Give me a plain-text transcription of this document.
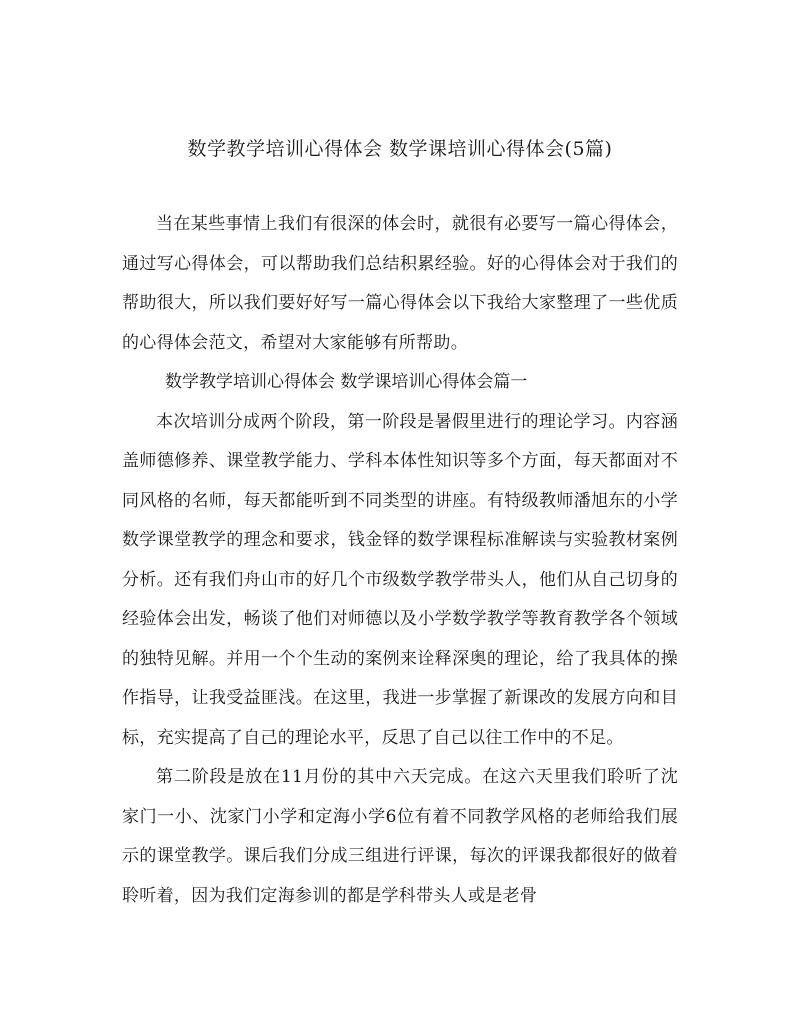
数学教学培训心得体会 数学课培训心得体会(5篇)

当在某些事情上我们有很深的体会时，就很有必要写一篇心得体会，通过写心得体会，可以帮助我们总结积累经验。好的心得体会对于我们的帮助很大，所以我们要好好写一篇心得体会以下我给大家整理了一些优质的心得体会范文，希望对大家能够有所帮助。

数学教学培训心得体会 数学课培训心得体会篇一

本次培训分成两个阶段，第一阶段是暑假里进行的理论学习。内容涵盖师德修养、课堂教学能力、学科本体性知识等多个方面，每天都面对不同风格的名师，每天都能听到不同类型的讲座。有特级教师潘旭东的小学数学课堂教学的理念和要求，钱金铎的数学课程标准解读与实验教材案例分析。还有我们舟山市的好几个市级数学教学带头人，他们从自己切身的经验体会出发，畅谈了他们对师德以及小学数学教学等教育教学各个领域的独特见解。并用一个个生动的案例来诠释深奥的理论，给了我具体的操作指导，让我受益匪浅。在这里，我进一步掌握了新课改的发展方向和目标，充实提高了自己的理论水平，反思了自己以往工作中的不足。

第二阶段是放在11月份的其中六天完成。在这六天里我们聆听了沈家门一小、沈家门小学和定海小学6位有着不同教学风格的老师给我们展示的课堂教学。课后我们分成三组进行评课，每次的评课我都很好的做着聆听着，因为我们定海参训的都是学科带头人或是老骨
